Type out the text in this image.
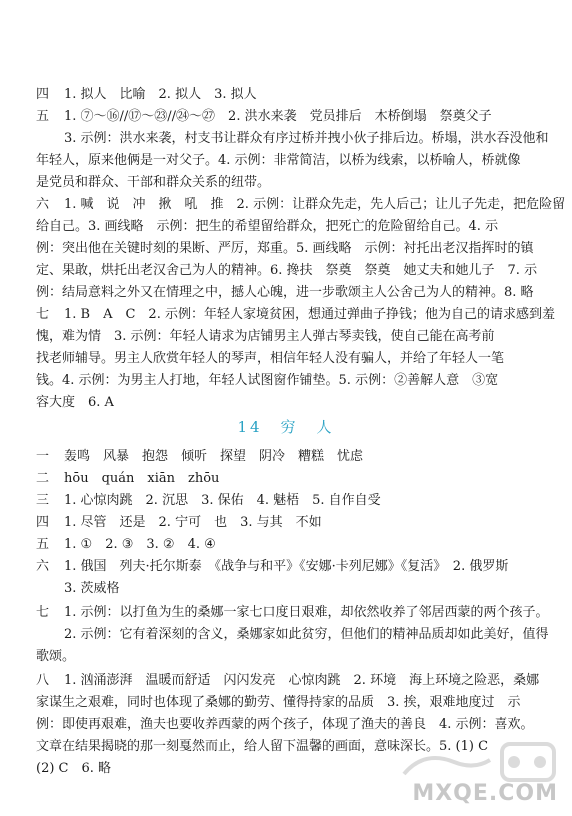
四	1. 拟人　比喻　2. 拟人　3. 拟人
五	1. ⑦～⑯//⑰～㉓//㉔～㉗　2. 洪水来袭　党员排后　木桥倒塌　祭奠父子
3. 示例：洪水来袭，村支书让群众有序过桥并拽小伙子排后边。桥塌，洪水吞没他和
年轻人，原来他俩是一对父子。4. 示例：非常简洁，以桥为线索，以桥喻人，桥就像
是党员和群众、干部和群众关系的纽带。
六	1. 喊　说　冲　揪　吼　推　2. 示例：让群众先走，先人后己；让儿子先走，把危险留
给自己。3. 画线略　示例：把生的希望留给群众，把死亡的危险留给自己。4. 示
例：突出他在关键时刻的果断、严厉，郑重。5. 画线略　示例：衬托出老汉指挥时的镇
定、果敢，烘托出老汉舍己为人的精神。6. 搀扶　祭奠　祭奠　她丈夫和她儿子　7. 示
例：结局意料之外又在情理之中，撼人心魄，进一步歌颂主人公舍己为人的精神。8. 略
七	1. B　A　C　2. 示例：年轻人家境贫困，想通过弹曲子挣钱；他为自己的请求感到羞
愧，难为情　3. 示例：年轻人请求为店铺男主人弹古琴卖钱，使自己能在高考前
找老师辅导。男主人欣赏年轻人的琴声，相信年轻人没有骗人，并给了年轻人一笔
钱。4. 示例：为男主人打地，年轻人试图窗作铺垫。5. 示例：②善解人意　③宽
容大度　6. A
14　穷　人
一	轰鸣　风暴　抱怨　倾听　探望　阴冷　糟糕　忧虑
二	hōu　quán　xiān　zhōu
三	1. 心惊肉跳　2. 沉思　3. 保佑　4. 魅梧　5. 自作自受
四	1. 尽管　还是　2. 宁可　也　3. 与其　不如
五	1. ①　2. ③　3. ②　4. ④
六	1. 俄国　列夫·托尔斯泰　《战争与和平》《安娜·卡列尼娜》《复活》　2. 俄罗斯
3. 茨威格
七	1. 示例：以打鱼为生的桑娜一家七口度日艰难，却依然收养了邻居西蒙的两个孩子。
2. 示例：它有着深刻的含义，桑娜家如此贫穷，但他们的精神品质却如此美好，值得
歌颂。
八	1. 汹涌澎湃　温暖而舒适　闪闪发亮　心惊肉跳　2. 环境　海上环境之险恶，桑娜
家谋生之艰难，同时也体现了桑娜的勤劳、懂得持家的品质　3. 挨，艰难地度过　示
例：即使再艰难，渔夫也要收养西蒙的两个孩子，体现了渔夫的善良　4. 示例：喜欢。
文章在结果揭晓的那一刻戛然而止，给人留下温馨的画面，意味深长。5. (1) C
(2) C　6. 略
MXQE.COM
